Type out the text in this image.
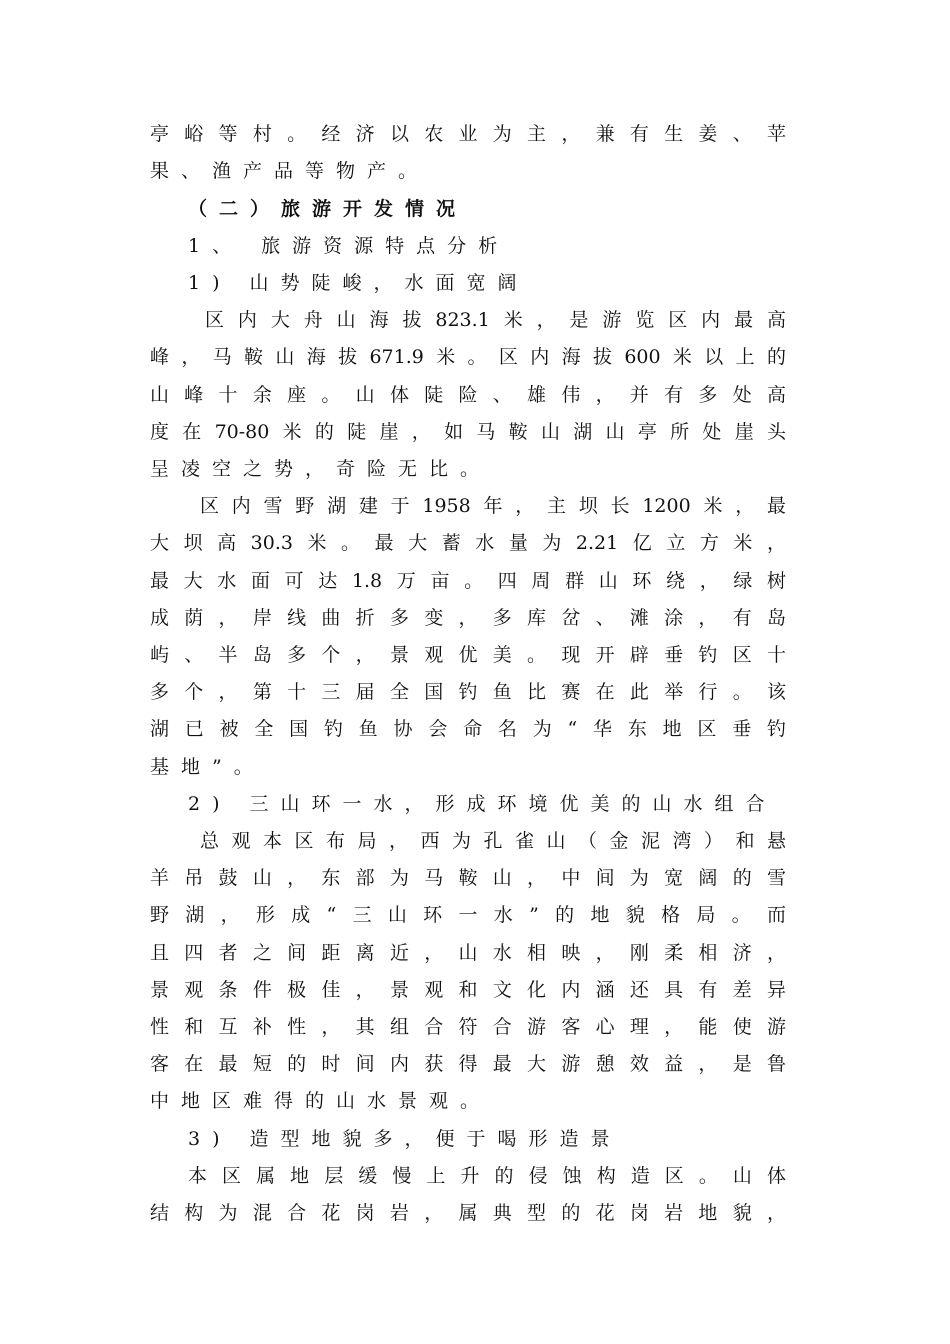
亭峪等村。经济以农业为主，兼有生姜、苹
果、渔产品等物产。
（二）旅游开发情况
1、 旅游资源特点分析
1) 山势陡峻，水面宽阔
区内大舟山海拔823.1米，是游览区内最高
峰，马鞍山海拔671.9米。区内海拔600米以上的
山峰十余座。山体陡险、雄伟，并有多处高
度在70-80米的陡崖，如马鞍山湖山亭所处崖头
呈凌空之势，奇险无比。
区内雪野湖建于1958年，主坝长1200米，最
大坝高30.3米。最大蓄水量为2.21亿立方米，
最大水面可达1.8万亩。四周群山环绕，绿树
成荫，岸线曲折多变，多库岔、滩涂，有岛
屿、半岛多个，景观优美。现开辟垂钓区十
多个，第十三届全国钓鱼比赛在此举行。该
湖已被全国钓鱼协会命名为“华东地区垂钓
基地”。
2) 三山环一水，形成环境优美的山水组合
总观本区布局，西为孔雀山（金泥湾）和悬
羊吊鼓山，东部为马鞍山，中间为宽阔的雪
野湖，形成“三山环一水”的地貌格局。而
且四者之间距离近，山水相映，刚柔相济，
景观条件极佳，景观和文化内涵还具有差异
性和互补性，其组合符合游客心理，能使游
客在最短的时间内获得最大游憩效益，是鲁
中地区难得的山水景观。
3) 造型地貌多，便于喝形造景
本区属地层缓慢上升的侵蚀构造区。山体
结构为混合花岗岩，属典型的花岗岩地貌，
